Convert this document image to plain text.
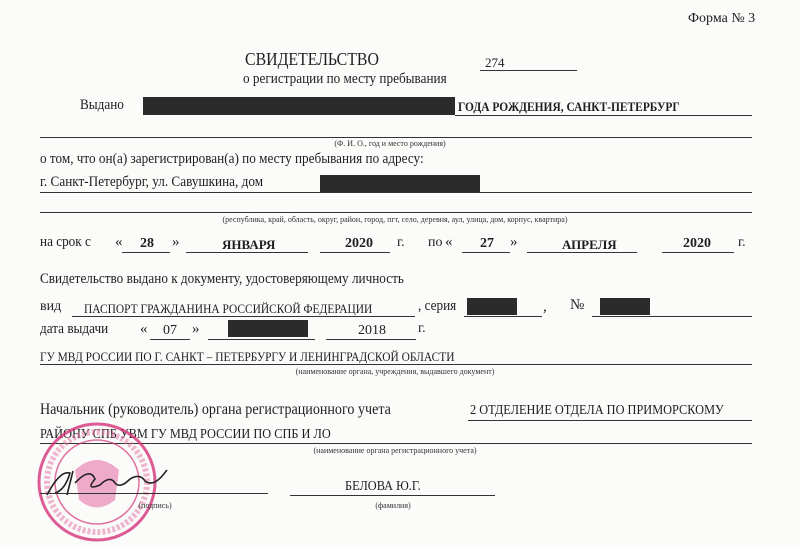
Форма № 3
СВИДЕТЕЛЬСТВО	274
о регистрации по месту пребывания
Выдано	ГОДА РОЖДЕНИЯ, САНКТ-ПЕТЕРБУРГ
(Ф. И. О., год и место рождения)
о том, что он(а) зарегистрирован(а) по месту пребывания по адресу:
г. Санкт-Петербург, ул. Савушкина, дом
(республика, край, область, округ, район, город, пгт, село, деревня, аул, улица, дом, корпус, квартира)
на срок с	« 28 »	ЯНВАРЯ	2020 г. по « 27 »	АПРЕЛЯ	2020 г.
Свидетельство выдано к документу, удостоверяющему личность
вид ПАСПОРТ ГРАЖДАНИНА РОССИЙСКОЙ ФЕДЕРАЦИИ	, серия	, №
дата выдачи	« 07 »	2018 г.
ГУ МВД РОССИИ ПО Г. САНКТ – ПЕТЕРБУРГУ И ЛЕНИНГРАДСКОЙ ОБЛАСТИ
(наименование органа, учреждения, выдавшего документ)
Начальник (руководитель) органа регистрационного учета	2 ОТДЕЛЕНИЕ ОТДЕЛА ПО ПРИМОРСКОМУ
РАЙОНУ СПБ УВМ ГУ МВД РОССИИ ПО СПБ И ЛО
(наименование органа регистрационного учета)
(подпись)
БЕЛОВА Ю.Г.
(фамилия)
